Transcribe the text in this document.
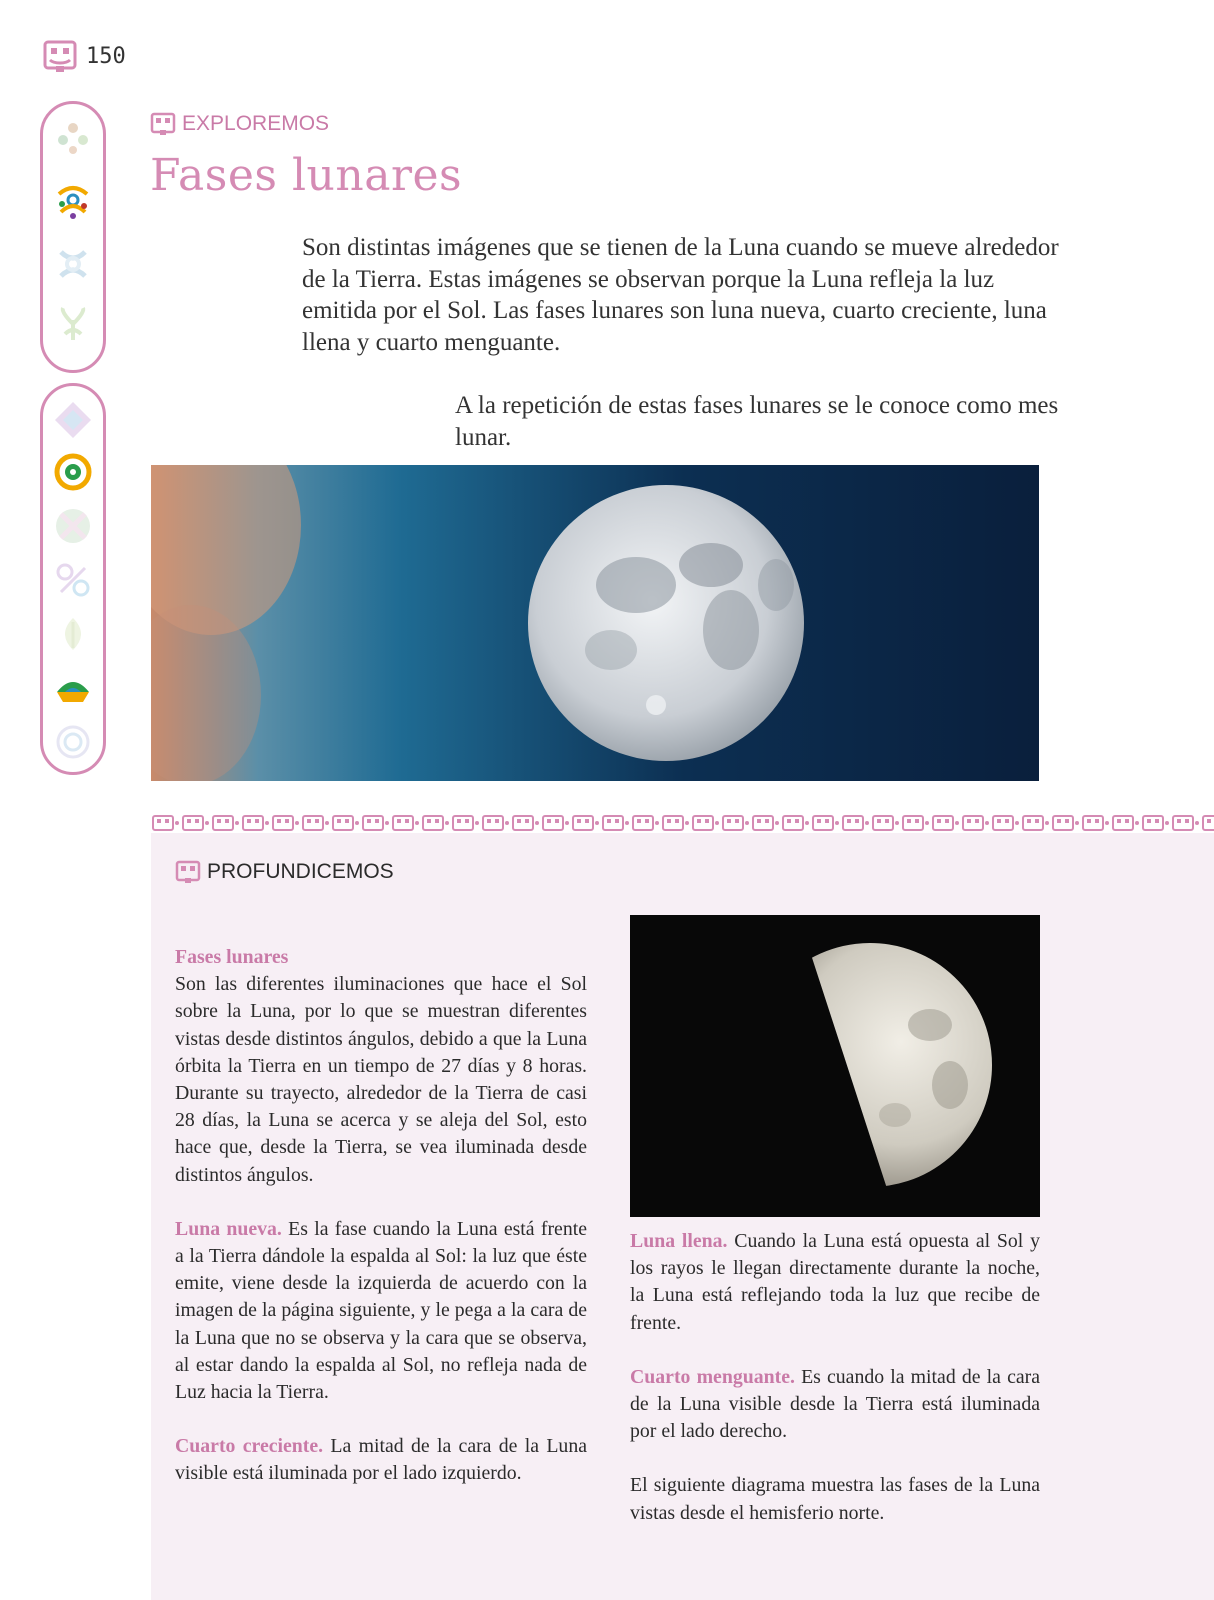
150
EXPLOREMOS
Fases lunares

Son distintas imágenes que se tienen de la Luna cuando se mueve alrededor de la Tierra. Estas imágenes se observan porque la Luna refleja la luz emitida por el Sol. Las fases lunares son luna nueva, cuarto creciente, luna llena y cuarto menguante.

A la repetición de estas fases lunares se le conoce como mes lunar.

PROFUNDICEMOS

Fases lunares
Son las diferentes iluminaciones que hace el Sol sobre la Luna, por lo que se muestran diferentes vistas desde distintos ángulos, debido a que la Luna órbita la Tierra en un tiempo de 27 días y 8 horas. Durante su trayecto, alrededor de la Tierra de casi 28 días, la Luna se acerca y se aleja del Sol, esto hace que, desde la Tierra, se vea iluminada desde distintos ángulos.

Luna nueva. Es la fase cuando la Luna está frente a la Tierra dándole la espalda al Sol: la luz que éste emite, viene desde la izquierda de acuerdo con la imagen de la página siguiente, y le pega a la cara de la Luna que no se observa y la cara que se observa, al estar dando la espalda al Sol, no refleja nada de Luz hacia la Tierra.

Cuarto creciente. La mitad de la cara de la Luna visible está iluminada por el lado izquierdo.

Luna llena. Cuando la Luna está opuesta al Sol y los rayos le llegan directamente durante la noche, la Luna está reflejando toda la luz que recibe de frente.

Cuarto menguante. Es cuando la mitad de la cara de la Luna visible desde la Tierra está iluminada por el lado derecho.

El siguiente diagrama muestra las fases de la Luna vistas desde el hemisferio norte.
